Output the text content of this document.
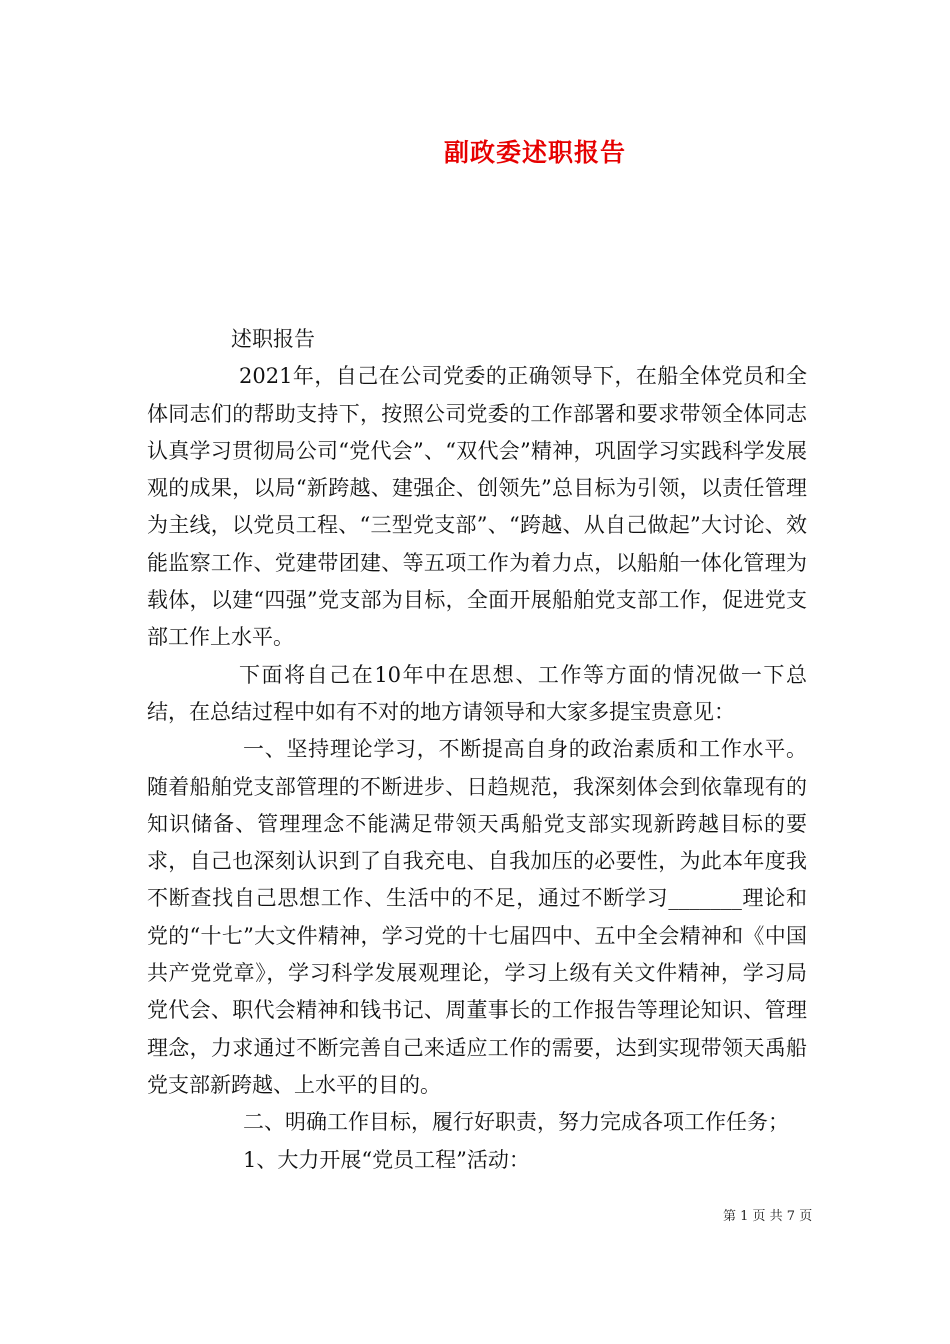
副政委述职报告

述职报告

2021年，自己在公司党委的正确领导下，在船全体党员和全体同志们的帮助支持下，按照公司党委的工作部署和要求带领全体同志认真学习贯彻局公司“党代会”、“双代会”精神，巩固学习实践科学发展观的成果，以局“新跨越、建强企、创领先”总目标为引领，以责任管理为主线，以党员工程、“三型党支部”、“跨越、从自己做起”大讨论、效能监察工作、党建带团建、等五项工作为着力点，以船舶一体化管理为载体，以建“四强”党支部为目标，全面开展船舶党支部工作，促进党支部工作上水平。

下面将自己在10年中在思想、工作等方面的情况做一下总结，在总结过程中如有不对的地方请领导和大家多提宝贵意见：

一、坚持理论学习，不断提高自身的政治素质和工作水平。随着船舶党支部管理的不断进步、日趋规范，我深刻体会到依靠现有的知识储备、管理理念不能满足带领天禹船党支部实现新跨越目标的要求，自己也深刻认识到了自我充电、自我加压的必要性，为此本年度我不断查找自己思想工作、生活中的不足，通过不断学习_______理论和党的“十七”大文件精神，学习党的十七届四中、五中全会精神和《中国共产党党章》，学习科学发展观理论，学习上级有关文件精神，学习局党代会、职代会精神和钱书记、周董事长的工作报告等理论知识、管理理念，力求通过不断完善自己来适应工作的需要，达到实现带领天禹船党支部新跨越、上水平的目的。

二、明确工作目标，履行好职责，努力完成各项工作任务；

1、大力开展“党员工程”活动：

第 1 页 共 7 页
